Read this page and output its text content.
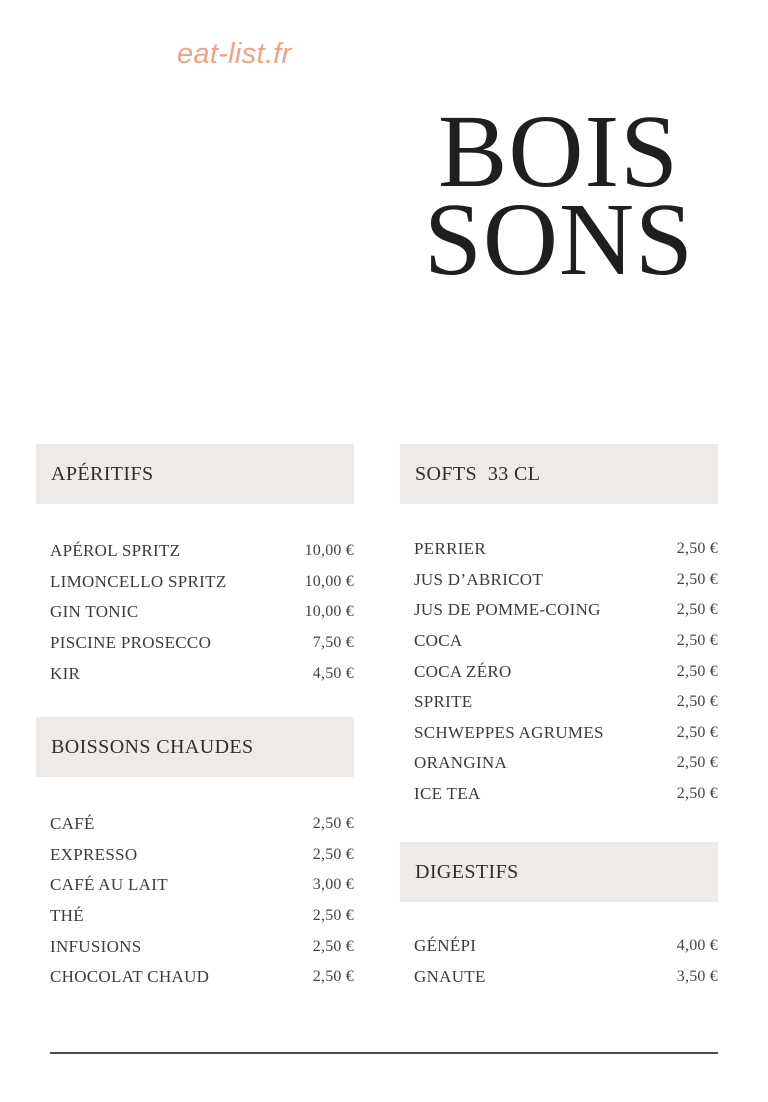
eat-list.fr
BOIS
SONS
APÉRITIFS
APÉROL SPRITZ	10,00 €
LIMONCELLO SPRITZ	10,00 €
GIN TONIC	10,00 €
PISCINE PROSECCO	7,50 €
KIR	4,50 €
BOISSONS CHAUDES
CAFÉ	2,50 €
EXPRESSO	2,50 €
CAFÉ AU LAIT	3,00 €
THÉ	2,50 €
INFUSIONS	2,50 €
CHOCOLAT CHAUD	2,50 €
SOFTS  33 CL
PERRIER	2,50 €
JUS D’ABRICOT	2,50 €
JUS DE POMME-COING	2,50 €
COCA	2,50 €
COCA ZÉRO	2,50 €
SPRITE	2,50 €
SCHWEPPES AGRUMES	2,50 €
ORANGINA	2,50 €
ICE TEA	2,50 €
DIGESTIFS
GÉNÉPI	4,00 €
GNAUTE	3,50 €
